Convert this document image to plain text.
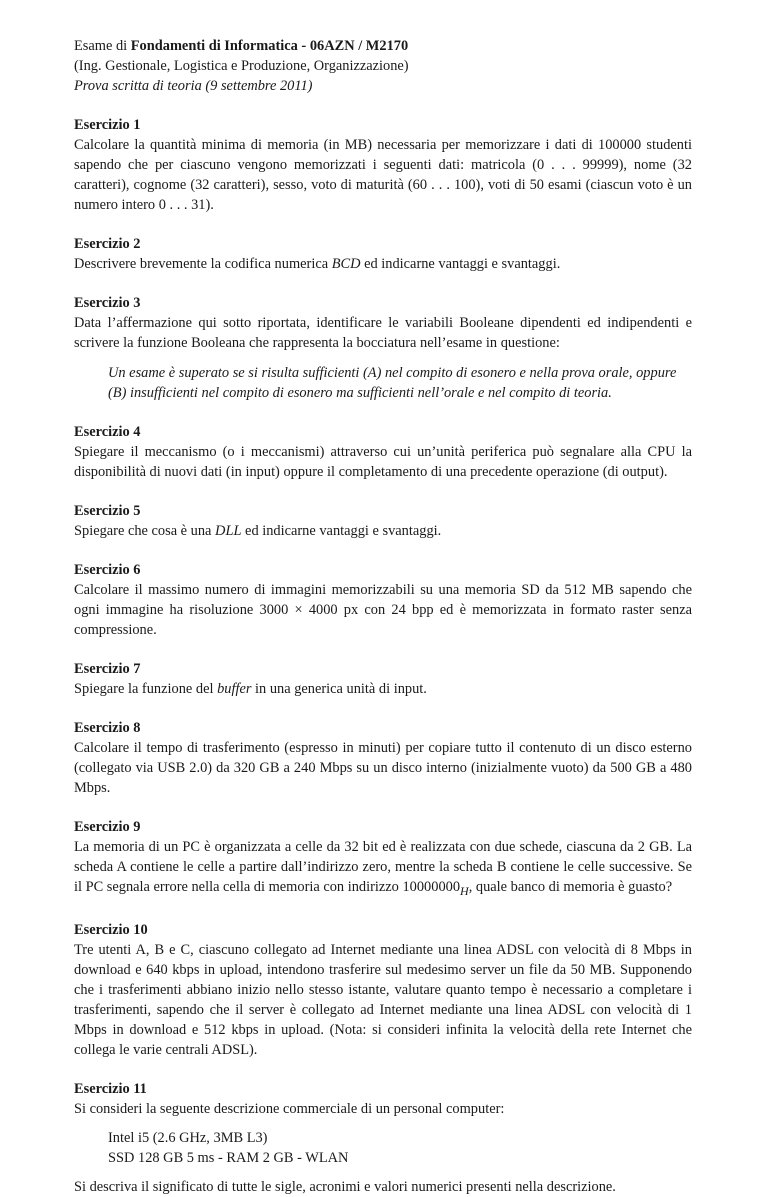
Esame di Fondamenti di Informatica - 06AZN / M2170
(Ing. Gestionale, Logistica e Produzione, Organizzazione)
Prova scritta di teoria (9 settembre 2011)
Esercizio 1
Calcolare la quantità minima di memoria (in MB) necessaria per memorizzare i dati di 100000 studenti sapendo che per ciascuno vengono memorizzati i seguenti dati: matricola (0 . . . 99999), nome (32 caratteri), cognome (32 caratteri), sesso, voto di maturità (60 . . . 100), voti di 50 esami (ciascun voto è un numero intero 0 . . . 31).
Esercizio 2
Descrivere brevemente la codifica numerica BCD ed indicarne vantaggi e svantaggi.
Esercizio 3
Data l’affermazione qui sotto riportata, identificare le variabili Booleane dipendenti ed indipendenti e scrivere la funzione Booleana che rappresenta la bocciatura nell’esame in questione:
Un esame è superato se si risulta sufficienti (A) nel compito di esonero e nella prova orale, oppure
(B) insufficienti nel compito di esonero ma sufficienti nell’orale e nel compito di teoria.
Esercizio 4
Spiegare il meccanismo (o i meccanismi) attraverso cui un’unità periferica può segnalare alla CPU la disponibilità di nuovi dati (in input) oppure il completamento di una precedente operazione (di output).
Esercizio 5
Spiegare che cosa è una DLL ed indicarne vantaggi e svantaggi.
Esercizio 6
Calcolare il massimo numero di immagini memorizzabili su una memoria SD da 512 MB sapendo che ogni immagine ha risoluzione 3000 × 4000 px con 24 bpp ed è memorizzata in formato raster senza compressione.
Esercizio 7
Spiegare la funzione del buffer in una generica unità di input.
Esercizio 8
Calcolare il tempo di trasferimento (espresso in minuti) per copiare tutto il contenuto di un disco esterno (collegato via USB 2.0) da 320 GB a 240 Mbps su un disco interno (inizialmente vuoto) da 500 GB a 480 Mbps.
Esercizio 9
La memoria di un PC è organizzata a celle da 32 bit ed è realizzata con due schede, ciascuna da 2 GB. La scheda A contiene le celle a partire dall’indirizzo zero, mentre la scheda B contiene le celle successive. Se il PC segnala errore nella cella di memoria con indirizzo $10000000_H$, quale banco di memoria è guasto?
Esercizio 10
Tre utenti A, B e C, ciascuno collegato ad Internet mediante una linea ADSL con velocità di 8 Mbps in download e 640 kbps in upload, intendono trasferire sul medesimo server un file da 50 MB. Supponendo che i trasferimenti abbiano inizio nello stesso istante, valutare quanto tempo è necessario a completare i trasferimenti, sapendo che il server è collegato ad Internet mediante una linea ADSL con velocità di 1 Mbps in download e 512 kbps in upload. (Nota: si consideri infinita la velocità della rete Internet che collega le varie centrali ADSL).
Esercizio 11
Si consideri la seguente descrizione commerciale di un personal computer:
Intel i5 (2.6 GHz, 3MB L3)
SSD 128 GB 5 ms - RAM 2 GB - WLAN
Si descriva il significato di tutte le sigle, acronimi e valori numerici presenti nella descrizione.
